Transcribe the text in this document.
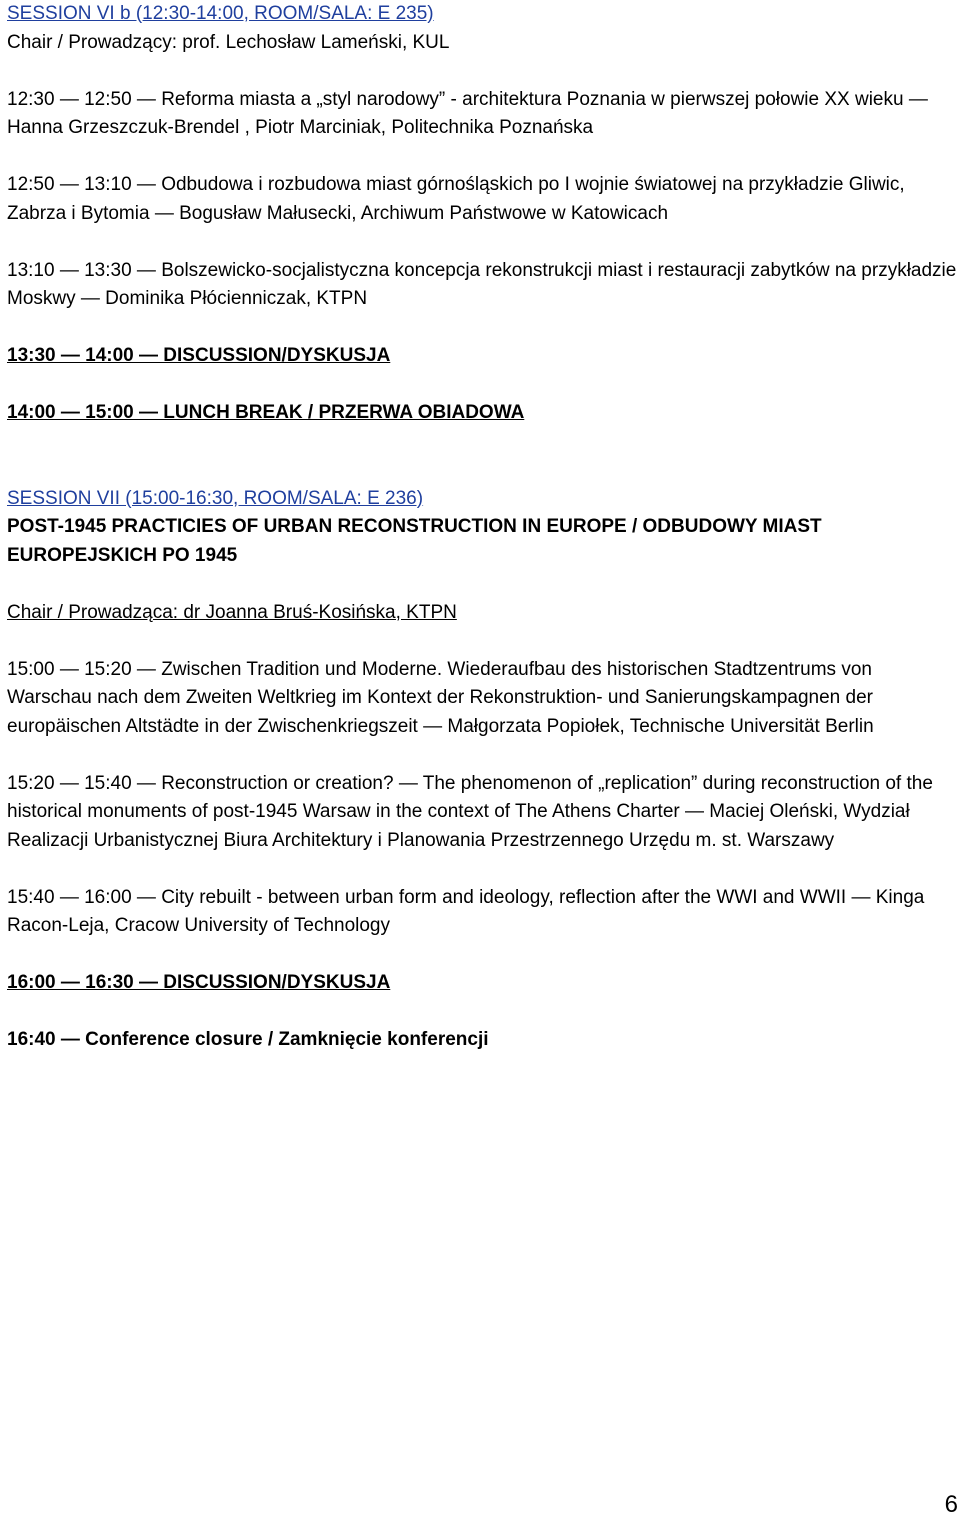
SESSION VI b (12:30-14:00, ROOM/SALA: E 235)

Chair / Prowadzący: prof. Lechosław Lameński, KUL

12:30 — 12:50 — Reforma miasta a „styl narodowy” - architektura Poznania w pierwszej połowie XX wieku — Hanna Grzeszczuk-Brendel , Piotr Marciniak, Politechnika Poznańska

12:50 — 13:10 — Odbudowa i rozbudowa miast górnośląskich po I wojnie światowej na przykładzie Gliwic, Zabrza i Bytomia — Bogusław Małusecki, Archiwum Państwowe w Katowicach

13:10 — 13:30 — Bolszewicko-socjalistyczna koncepcja rekonstrukcji miast i restauracji zabytków na przykładzie Moskwy — Dominika Płócienniczak, KTPN

13:30 — 14:00 — DISCUSSION/DYSKUSJA

14:00 — 15:00 — LUNCH BREAK / PRZERWA OBIADOWA

SESSION VII (15:00-16:30, ROOM/SALA: E 236)

POST-1945 PRACTICIES OF URBAN RECONSTRUCTION IN EUROPE / ODBUDOWY MIAST EUROPEJSKICH PO 1945

Chair / Prowadząca: dr Joanna Bruś-Kosińska, KTPN

15:00 — 15:20 — Zwischen Tradition und Moderne. Wiederaufbau des historischen Stadtzentrums von Warschau nach dem Zweiten Weltkrieg im Kontext der Rekonstruktion- und Sanierungskampagnen der europäischen Altstädte in der Zwischenkriegszeit — Małgorzata Popiołek, Technische Universität Berlin

15:20 — 15:40 — Reconstruction or creation? — The phenomenon of „replication” during reconstruction of the historical monuments of post-1945 Warsaw in the context of The Athens Charter — Maciej Oleński, Wydział Realizacji Urbanistycznej Biura Architektury i Planowania Przestrzennego Urzędu m. st. Warszawy

15:40 — 16:00 — City rebuilt - between urban form and ideology, reflection after the WWI and WWII — Kinga Racon-Leja, Cracow University of Technology

16:00 — 16:30 — DISCUSSION/DYSKUSJA

16:40 — Conference closure / Zamknięcie konferencji

6
